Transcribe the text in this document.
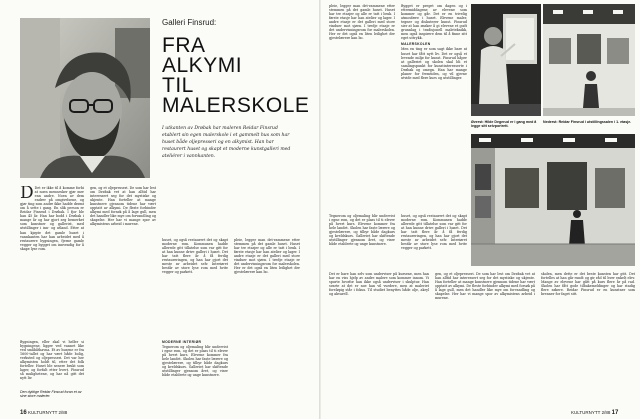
Galleri Finsrud:
FRA
ALKYMI
TIL
MALERSKOLE
I utkanten av Drøbak har maleren Reidar Finsrud etablert sin egen malerskole i et gammelt hus som har huset både oljepresseri og en alkymist. Han har restaurert huset og skapt et moderne kunstgalleri med ateliérer i vannkanten.
D Det er ikke til å komme forbi at noen mennesker gjør mer enn andre. Noen av dem endrer på omgivelsene, og gjør ting som andre ikke hadde drømt om å sette i gang. En slik person er Reidar Finsrud i Drøbak. I fjor ble han 45 år. Han har bodd i Drøbak i mange år og har gjort seg bemerket som kunstner og gallerist, med utstillinger i inn- og utland. Etter at han kjøpte det gamle huset i vannkanten har han arbeidet med å restaurere bygningen, fjerne gamle vegger og bygget om innvendig for å skape lyse rom.

Bygningen, eller skal vi heller si bygningene, ligger ved vannet like ved småbåthavna. Et av husene er fra 1600-tallet og har vært både bolig, verksted og oljepresseri. Det var her alkymisten holdt til, etter det folk forteller. Huset ble senere brukt som lager, og forfalt etter hvert. Finsrud så mulighetene, og har nå gitt det nytt liv.

Den dyktige Reidar Finsrud foran et av sine store malerier.

gen, og et oljepresseri. De som har lest om Drøbak vet at han alltid har interessert seg for det mystiske og ukjente. Han forteller at mange kunstnere gjennom tidene har vært opptatt av alkymi. De fleste forbinder alkymi med forsøk på å lage gull, men det handler like mye om forvandling og skapelse. Her har vi mange spor av alkymistens arbeid i murene.

huset, og også restaurert det og skapt moderne rom. Kommunen hadde allerede gitt tillatelse som var gitt for at han kunne drive galleri i huset. Det har tatt flere år å få ferdig restaureringen, og han har gjort det meste av arbeidet selv. Interiøret består av store lyse rom med hvite vegger og parkett.

MODERNE INTERIØR

Tegnerom og oljemaling blir undervist i egne rom, og det er plass til ti elever på hvert kurs. Elevene kommer fra hele landet. Skolen har faste lærere og gjestelærere, og tilbyr både dagkurs og kveldskurs. Galleriet har skiftende utstillinger gjennom året, og viser både etablerte og unge kunstnere.

pleie, legger man det-rammene etter stemmen på det gamle huset. Huset har tre etasjer og alle er tatt i bruk. I første etasje har han atelier og lager. I andre etasje er det galleri med store vinduer mot sjøen. I tredje etasje er det undervisningsrom for malerskolen. Her er det også en liten leilighet der gjestelærere kan bo.

16 KULTURNYTT 2/88

pleie, legger man det-rammene etter stemmen på det gamle huset. Huset har tre etasjer og alle er tatt i bruk. I første etasje har han atelier og lager. I andre etasje er det galleri med store vinduer mot sjøen. I tredje etasje er det undervisningsrom for malerskolen. Her er det også en liten leilighet der gjestelærere kan bo.

Bygget er preget om dagen og i ettermiddagene av elevene som kommer og går. Det er en trivelig atmosfære i huset. Elevene maler, tegner og diskuterer kunst. Finsrud sier at han ønsker å gi elevene et godt grunnlag i tradisjonell maleteknikk, men også inspirere dem til å finne sitt eget uttrykk.

MALERSKOLEN

Men en ting er som sagt ikke bare at huset har fått nytt liv. Det er også et levende miljø for kunst. Finsrud håper at galleriet og skolen skal bli et samlingspunkt for kunstinteresserte i Drøbak og omegn. Han har mange planer for fremtiden, og vil gjerne utvide med flere kurs og utstillinger.

Øverst: Hilde Degerud er i gang med å legge sitt selvportrett.
Nederst: Reidar Finsrud i utstillingssalen i 1. etasje.

Tegnerom og oljemaling blir undervist i egne rom, og det er plass til ti elever på hvert kurs. Elevene kommer fra hele landet. Skolen har faste lærere og gjestelærere, og tilbyr både dagkurs og kveldskurs. Galleriet har skiftende utstillinger gjennom året, og viser både etablerte og unge kunstnere.

huset, og også restaurert det og skapt moderne rom. Kommunen hadde allerede gitt tillatelse som var gitt for at han kunne drive galleri i huset. Det har tatt flere år å få ferdig restaureringen, og han har gjort det meste av arbeidet selv. Interiøret består av store lyse rom med hvite vegger og parkett.

Det er bare han selv som underviser på kursene, men han har en viss hjelp av andre malere som kommer innom. Vi spurte hvorfor han ikke også underviser i skulptur. Han svarte at det er noe han vil vurdere, men at maleriet foreløpig står i fokus. Til studiet benyttes både olje, akryl og akvarell.

gen, og et oljepresseri. De som har lest om Drøbak vet at han alltid har interessert seg for det mystiske og ukjente. Han forteller at mange kunstnere gjennom tidene har vært opptatt av alkymi. De fleste forbinder alkymi med forsøk på å lage gull, men det handler like mye om forvandling og skapelse. Her har vi mange spor av alkymistens arbeid i murene.

skolen, men dette er det beste kunsten har gitt. Det fortelles at han går rundt og gir råd til hver enkelt elev. Mange av elevene har gått på kurs flere år på rad. Skolen har fått gode tilbakemeldinger og har stadig flere søkere. Reidar Finsrud er en kunstner som brenner for faget sitt.

KULTURNYTT 2/88 17
